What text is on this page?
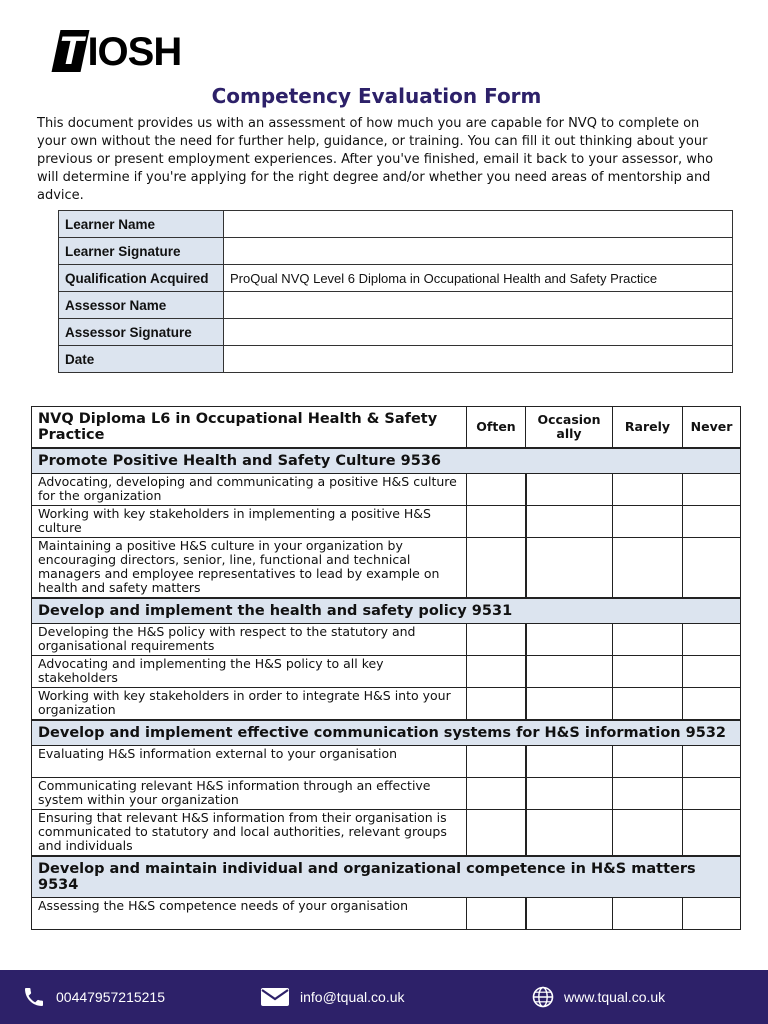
T IOSH
Competency Evaluation Form
This document provides us with an assessment of how much you are capable for NVQ to complete on your own without the need for further help, guidance, or training. You can fill it out thinking about your previous or present employment experiences. After you've finished, email it back to your assessor, who will determine if you're applying for the right degree and/or whether you need areas of mentorship and advice.
Learner Name	
Learner Signature	
Qualification Acquired	ProQual NVQ Level 6 Diploma in Occupational Health and Safety Practice
Assessor Name	
Assessor Signature	
Date	
NVQ Diploma L6 in Occupational Health & Safety Practice	Often	Occasion ally	Rarely	Never
Promote Positive Health and Safety Culture 9536				
Advocating, developing and communicating a positive H&S culture for the organization				
Working with key stakeholders in implementing a positive H&S culture				
Maintaining a positive H&S culture in your organization by encouraging directors, senior, line, functional and technical managers and employee representatives to lead by example on health and safety matters				
Develop and implement the health and safety policy 9531				
Developing the H&S policy with respect to the statutory and organisational requirements				
Advocating and implementing the H&S policy to all key stakeholders				
Working with key stakeholders in order to integrate H&S into your organization				
Develop and implement effective communication systems for H&S information 9532				
Evaluating H&S information external to your organisation				
Communicating relevant H&S information through an effective system within your organization				
Ensuring that relevant H&S information from their organisation is communicated to statutory and local authorities, relevant groups and individuals				
Develop and maintain individual and organizational competence in H&S matters 9534				
Assessing the H&S competence needs of your organisation				
00447957215215	info@tqual.co.uk	www.tqual.co.uk
